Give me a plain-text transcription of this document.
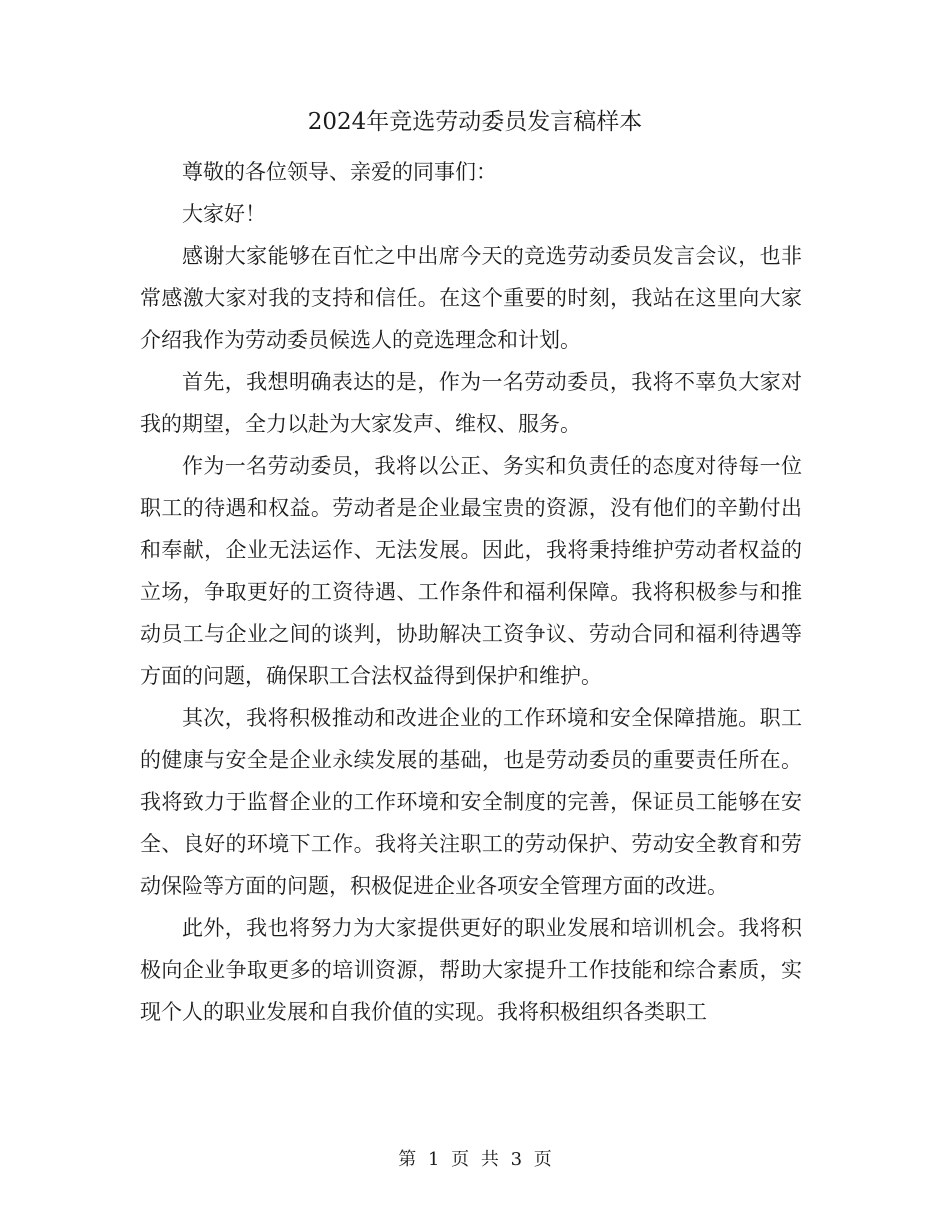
2024年竞选劳动委员发言稿样本

尊敬的各位领导、亲爱的同事们：

大家好！

感谢大家能够在百忙之中出席今天的竞选劳动委员发言会议，也非常感激大家对我的支持和信任。在这个重要的时刻，我站在这里向大家介绍我作为劳动委员候选人的竞选理念和计划。

首先，我想明确表达的是，作为一名劳动委员，我将不辜负大家对我的期望，全力以赴为大家发声、维权、服务。

作为一名劳动委员，我将以公正、务实和负责任的态度对待每一位职工的待遇和权益。劳动者是企业最宝贵的资源，没有他们的辛勤付出和奉献，企业无法运作、无法发展。因此，我将秉持维护劳动者权益的立场，争取更好的工资待遇、工作条件和福利保障。我将积极参与和推动员工与企业之间的谈判，协助解决工资争议、劳动合同和福利待遇等方面的问题，确保职工合法权益得到保护和维护。

其次，我将积极推动和改进企业的工作环境和安全保障措施。职工的健康与安全是企业永续发展的基础，也是劳动委员的重要责任所在。我将致力于监督企业的工作环境和安全制度的完善，保证员工能够在安全、良好的环境下工作。我将关注职工的劳动保护、劳动安全教育和劳动保险等方面的问题，积极促进企业各项安全管理方面的改进。

此外，我也将努力为大家提供更好的职业发展和培训机会。我将积极向企业争取更多的培训资源，帮助大家提升工作技能和综合素质，实现个人的职业发展和自我价值的实现。我将积极组织各类职工

第 1 页 共 3 页
